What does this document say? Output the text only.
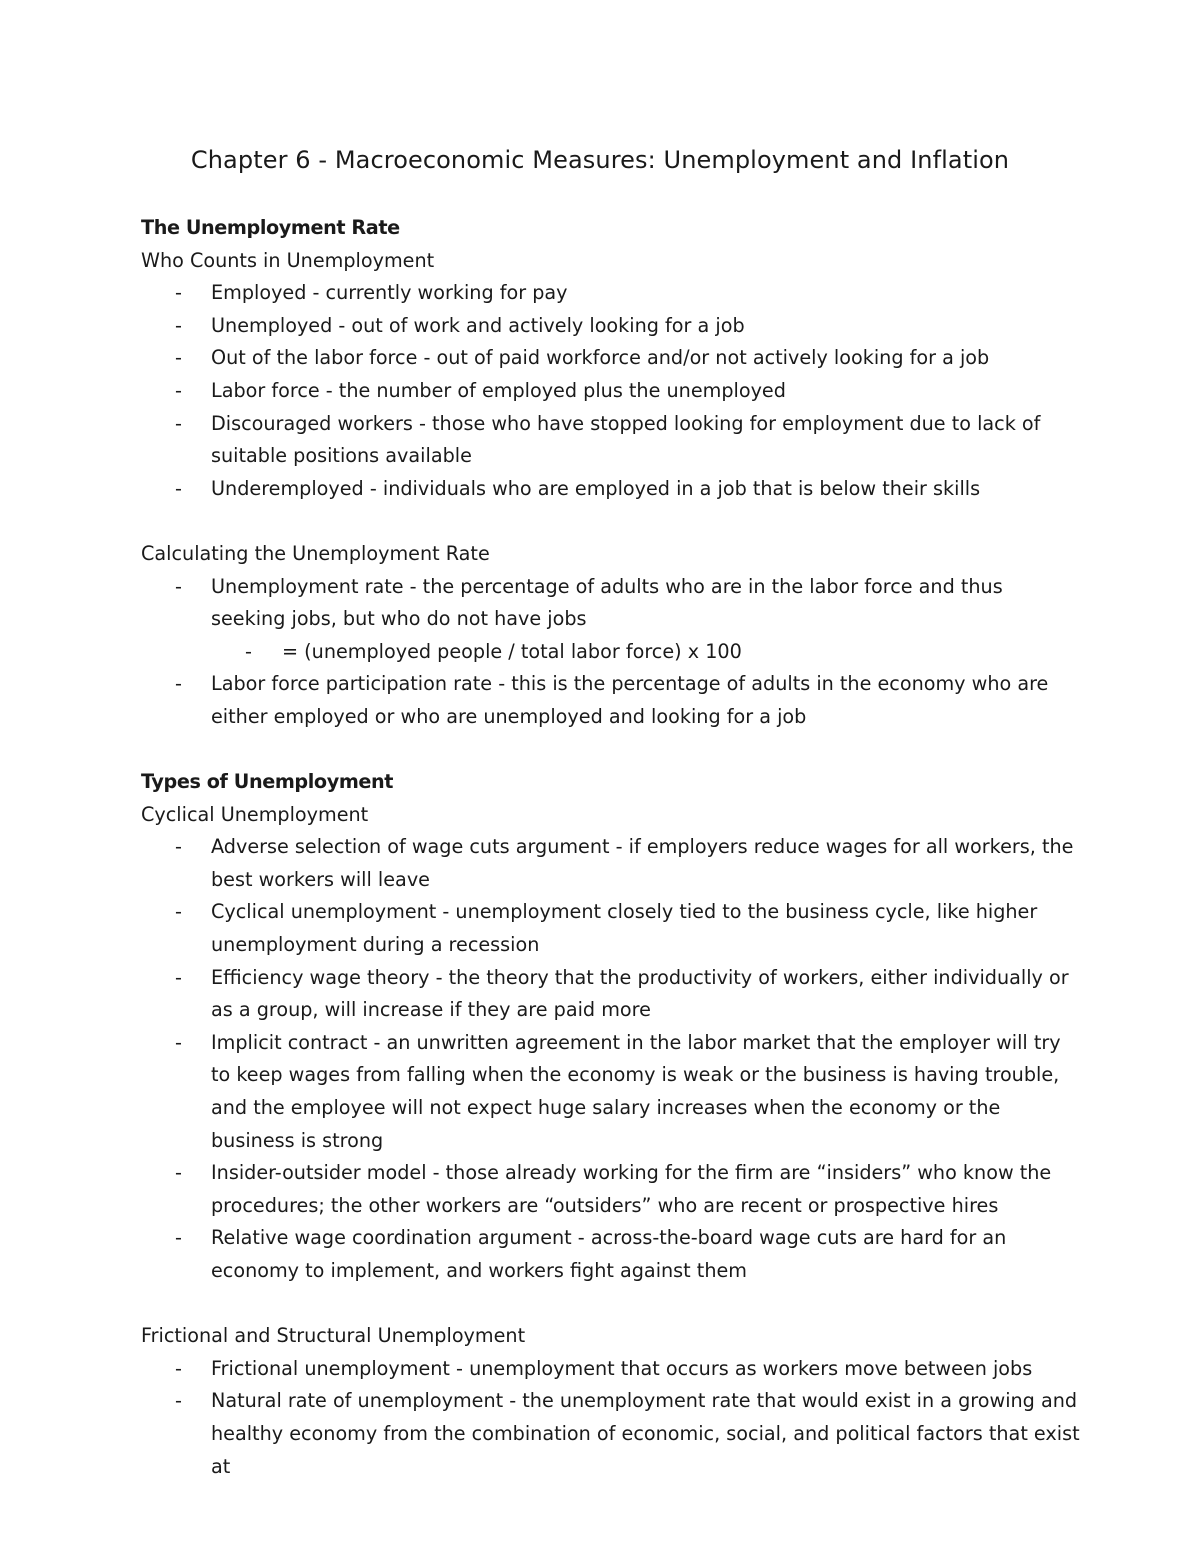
Chapter 6 - Macroeconomic Measures: Unemployment and Inflation

The Unemployment Rate

Who Counts in Unemployment

- Employed - currently working for pay
- Unemployed - out of work and actively looking for a job
- Out of the labor force - out of paid workforce and/or not actively looking for a job
- Labor force - the number of employed plus the unemployed
- Discouraged workers - those who have stopped looking for employment due to lack of suitable positions available
- Underemployed - individuals who are employed in a job that is below their skills

Calculating the Unemployment Rate

- Unemployment rate - the percentage of adults who are in the labor force and thus seeking jobs, but who do not have jobs
- = (unemployed people / total labor force) x 100
- Labor force participation rate - this is the percentage of adults in the economy who are either employed or who are unemployed and looking for a job

Types of Unemployment

Cyclical Unemployment

- Adverse selection of wage cuts argument - if employers reduce wages for all workers, the best workers will leave
- Cyclical unemployment - unemployment closely tied to the business cycle, like higher unemployment during a recession
- Efficiency wage theory - the theory that the productivity of workers, either individually or as a group, will increase if they are paid more
- Implicit contract - an unwritten agreement in the labor market that the employer will try to keep wages from falling when the economy is weak or the business is having trouble, and the employee will not expect huge salary increases when the economy or the business is strong
- Insider-outsider model - those already working for the firm are “insiders” who know the procedures; the other workers are “outsiders” who are recent or prospective hires
- Relative wage coordination argument - across-the-board wage cuts are hard for an economy to implement, and workers fight against them

Frictional and Structural Unemployment

- Frictional unemployment - unemployment that occurs as workers move between jobs
- Natural rate of unemployment - the unemployment rate that would exist in a growing and healthy economy from the combination of economic, social, and political factors that exist at
